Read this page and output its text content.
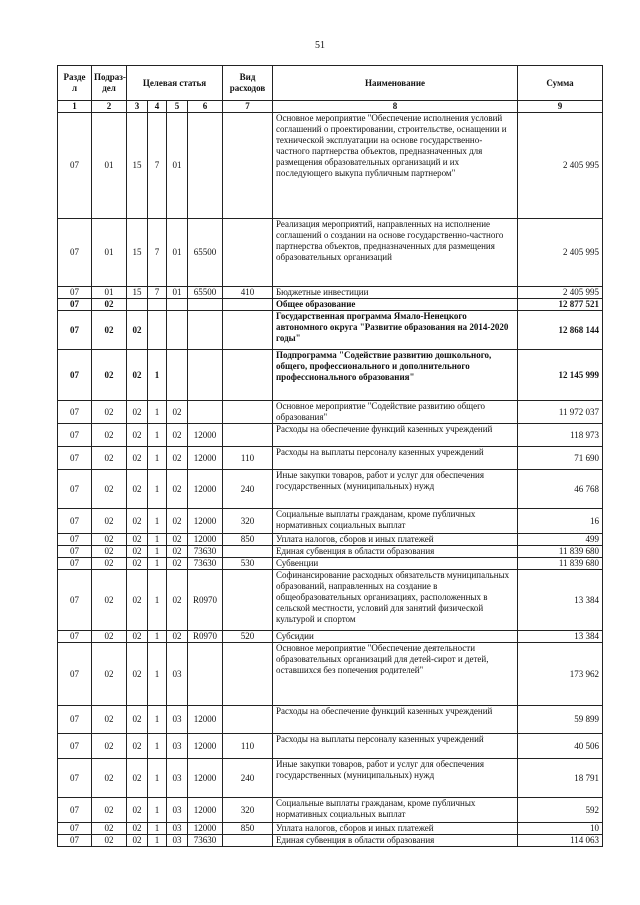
51
Разде л	Подраз- дел	Целевая статья				Вид расходов	Наименование	Сумма
1	2	3	4	5	6	7	8	9
07	01	15	7	01			Основное мероприятие "Обеспечение исполнения условий соглашений о проектировании, строительстве, оснащении и технической эксплуатации на основе государственно-частного партнерства объектов, предназначенных для размещения образовательных организаций и их последующего выкупа публичным партнером"	2 405 995
07	01	15	7	01	65500		Реализация мероприятий, направленных на исполнение соглашений о создании на основе государственно-частного партнерства объектов, предназначенных для размещения образовательных организаций	2 405 995
07	01	15	7	01	65500	410	Бюджетные инвестиции	2 405 995
07	02						Общее образование	12 877 521
07	02	02					Государственная программа Ямало-Ненецкого автономного округа "Развитие образования на 2014-2020 годы"	12 868 144
07	02	02	1				Подпрограмма "Содействие развитию дошкольного, общего, профессионального и дополнительного профессионального образования"	12 145 999
07	02	02	1	02			Основное мероприятие "Содействие развитию общего образования"	11 972 037
07	02	02	1	02	12000		Расходы на обеспечение функций казенных учреждений	118 973
07	02	02	1	02	12000	110	Расходы на выплаты персоналу казенных учреждений	71 690
07	02	02	1	02	12000	240	Иные закупки товаров, работ и услуг для обеспечения государственных (муниципальных) нужд	46 768
07	02	02	1	02	12000	320	Социальные выплаты гражданам, кроме публичных нормативных социальных выплат	16
07	02	02	1	02	12000	850	Уплата налогов, сборов и иных платежей	499
07	02	02	1	02	73630		Единая субвенция в области образования	11 839 680
07	02	02	1	02	73630	530	Субвенции	11 839 680
07	02	02	1	02	R0970		Софинансирование расходных обязательств муниципальных образований, направленных на создание в общеобразовательных организациях, расположенных в сельской местности, условий для занятий физической культурой и спортом	13 384
07	02	02	1	02	R0970	520	Субсидии	13 384
07	02	02	1	03			Основное мероприятие "Обеспечение деятельности образовательных организаций для детей-сирот и детей, оставшихся без попечения родителей"	173 962
07	02	02	1	03	12000		Расходы на обеспечение функций казенных учреждений	59 899
07	02	02	1	03	12000	110	Расходы на выплаты персоналу казенных учреждений	40 506
07	02	02	1	03	12000	240	Иные закупки товаров, работ и услуг для обеспечения государственных (муниципальных) нужд	18 791
07	02	02	1	03	12000	320	Социальные выплаты гражданам, кроме публичных нормативных социальных выплат	592
07	02	02	1	03	12000	850	Уплата налогов, сборов и иных платежей	10
07	02	02	1	03	73630		Единая субвенция в области образования	114 063
